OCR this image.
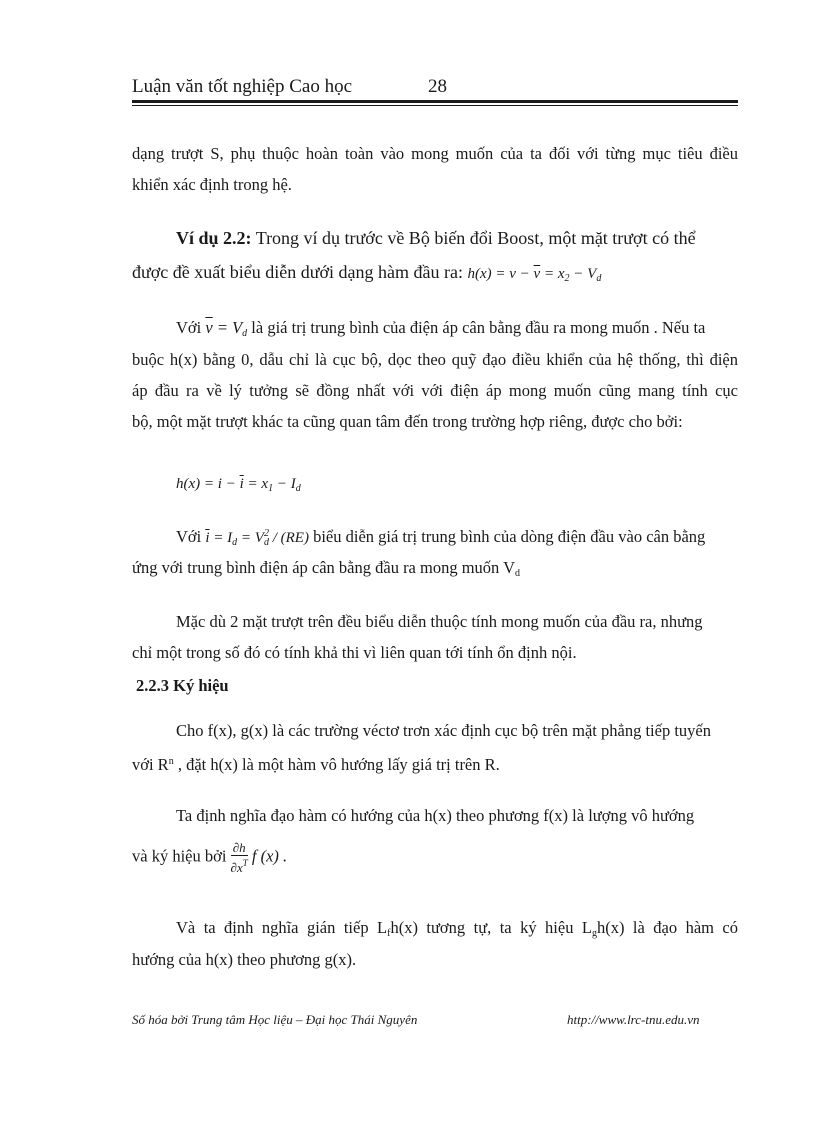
Luận văn tốt nghiệp Cao học	28
dạng trượt S, phụ thuộc hoàn toàn vào mong muốn của ta đối với từng mục tiêu điều
khiển xác định trong hệ.
Ví dụ 2.2: Trong ví dụ trước về Bộ biến đổi Boost, một mặt trượt có thể
được đề xuất biểu diễn dưới dạng hàm đầu ra: $h(x) = v - \overline{v} = x_2 - V_d$
Với $\overline{v} = V_d$ là giá trị trung bình của điện áp cân bằng đầu ra mong muốn . Nếu ta
buộc h(x) bằng 0, dẫu chỉ là cục bộ, dọc theo quỹ đạo điều khiển của hệ thống, thì điện
áp đầu ra về lý tưởng sẽ đồng nhất với với điện áp mong muốn cũng mang tính cục
bộ, một mặt trượt khác ta cũng quan tâm đến trong trường hợp riêng, được cho bởi:
$h(x) = i - \overline{i} = x_1 - I_d$
Với $\overline{i} = I_d = V_d^2 / (RE)$ biểu diễn giá trị trung bình của dòng điện đầu vào cân bằng
ứng với trung bình điện áp cân bằng đầu ra mong muốn $V_d$
Mặc dù 2 mặt trượt trên đều biểu diễn thuộc tính mong muốn của đầu ra, nhưng
chỉ một trong số đó có tính khả thi vì liên quan tới tính ổn định nội.
2.2.3 Ký hiệu
Cho f(x), g(x) là các trường véctơ trơn xác định cục bộ trên mặt phẳng tiếp tuyến
với $R^n$ , đặt h(x) là một hàm vô hướng lấy giá trị trên R.
Ta định nghĩa đạo hàm có hướng của h(x) theo phương f(x) là lượng vô hướng
và ký hiệu bởi $\frac{\partial h}{\partial x^T}$ f (x) .
Và ta định nghĩa gián tiếp $L_fh(x)$ tương tự, ta ký hiệu $L_gh(x)$ là đạo hàm có
hướng của h(x) theo phương g(x).
Số hóa bởi Trung tâm Học liệu – Đại học Thái Nguyên	http://www.lrc-tnu.edu.vn
